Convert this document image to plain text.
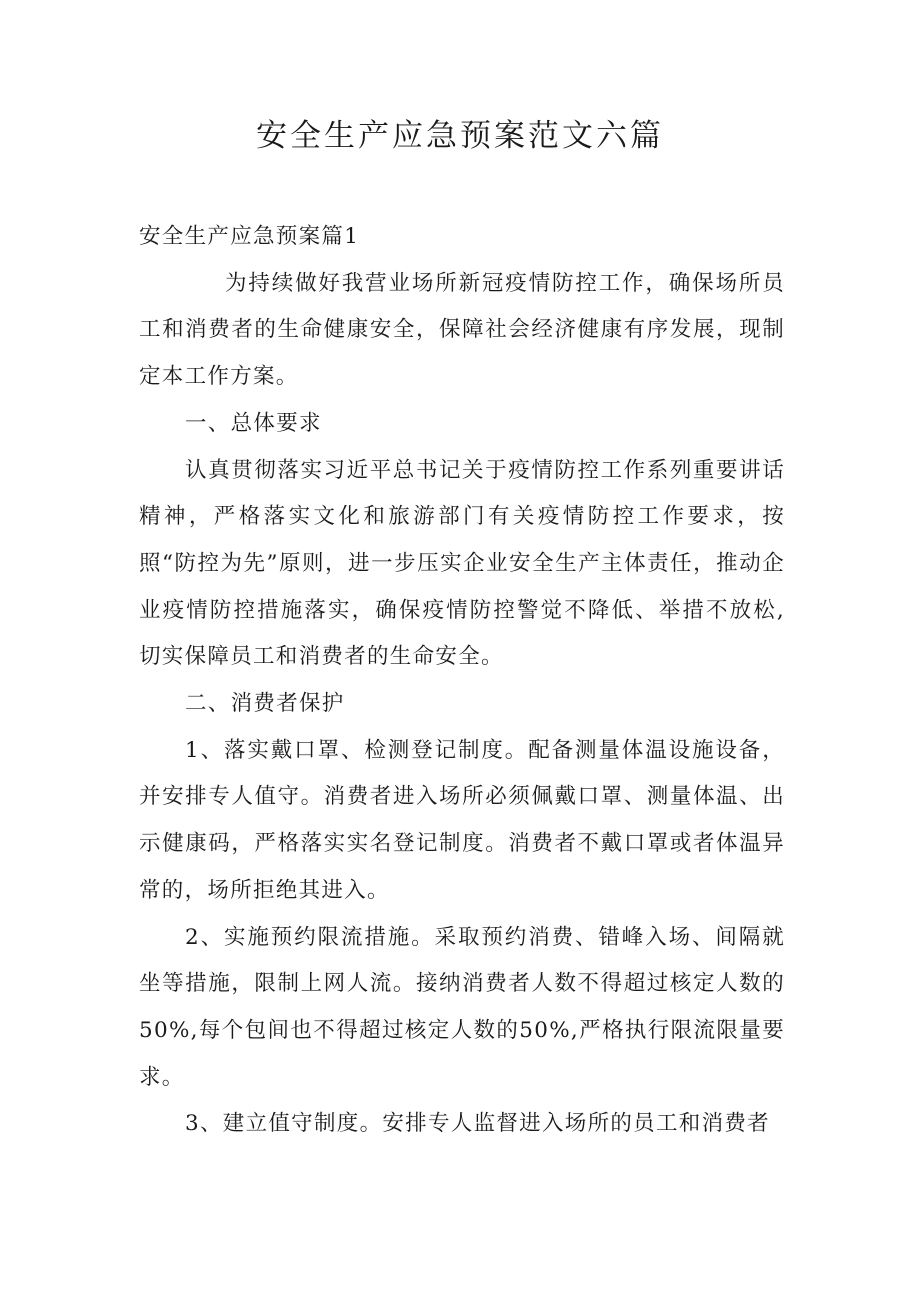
安全生产应急预案范文六篇

安全生产应急预案篇1

为持续做好我营业场所新冠疫情防控工作，确保场所员工和消费者的生命健康安全，保障社会经济健康有序发展，现制定本工作方案。

一、总体要求

认真贯彻落实习近平总书记关于疫情防控工作系列重要讲话精神，严格落实文化和旅游部门有关疫情防控工作要求，按照“防控为先”原则，进一步压实企业安全生产主体责任，推动企业疫情防控措施落实，确保疫情防控警觉不降低、举措不放松,切实保障员工和消费者的生命安全。

二、消费者保护

1、落实戴口罩、检测登记制度。配备测量体温设施设备，并安排专人值守。消费者进入场所必须佩戴口罩、测量体温、出示健康码，严格落实实名登记制度。消费者不戴口罩或者体温异常的，场所拒绝其进入。

2、实施预约限流措施。采取预约消费、错峰入场、间隔就坐等措施，限制上网人流。接纳消费者人数不得超过核定人数的50%,每个包间也不得超过核定人数的50%,严格执行限流限量要求。

3、建立值守制度。安排专人监督进入场所的员工和消费者
